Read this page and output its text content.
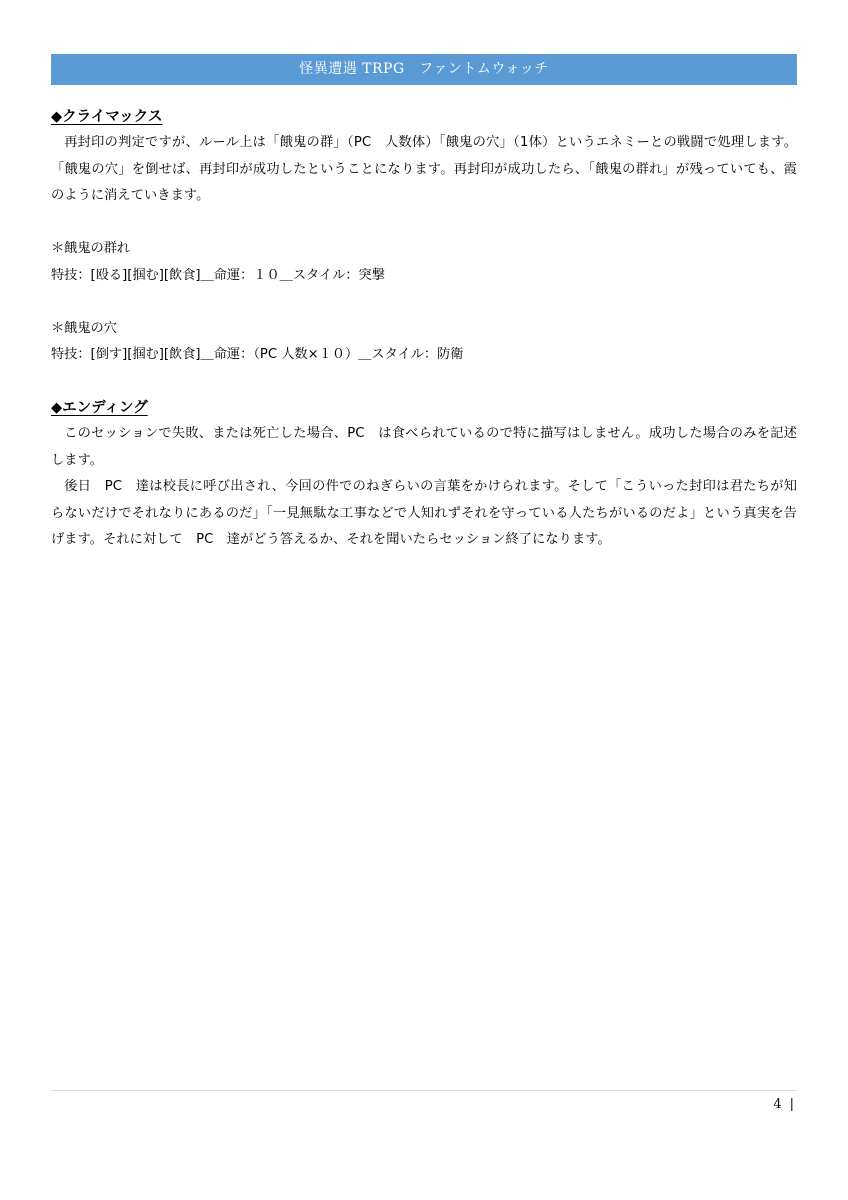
怪異遭遇 TRPG　ファントムウォッチ
◆クライマックス

再封印の判定ですが、ルール上は「餓鬼の群」（PC　人数体）「餓鬼の穴」（1体）というエネミーとの戦闘で処理します。「餓鬼の穴」を倒せば、再封印が成功したということになります。再封印が成功したら、「餓鬼の群れ」が残っていても、霞のように消えていきます。

＊餓鬼の群れ

特技：[殴る][掴む][飲食]＿命運：１０＿スタイル：突撃

＊餓鬼の穴

特技：[倒す][掴む][飲食]＿命運：（PC 人数×１０）＿スタイル：防衛

◆エンディング

このセッションで失敗、または死亡した場合、PC　は食べられているので特に描写はしません。成功した場合のみを記述します。

後日　PC　達は校長に呼び出され、今回の件でのねぎらいの言葉をかけられます。そして「こういった封印は君たちが知らないだけでそれなりにあるのだ」「一見無駄な工事などで人知れずそれを守っている人たちがいるのだよ」という真実を告げます。それに対して　PC　達がどう答えるか、それを聞いたらセッション終了になります。

4 |
